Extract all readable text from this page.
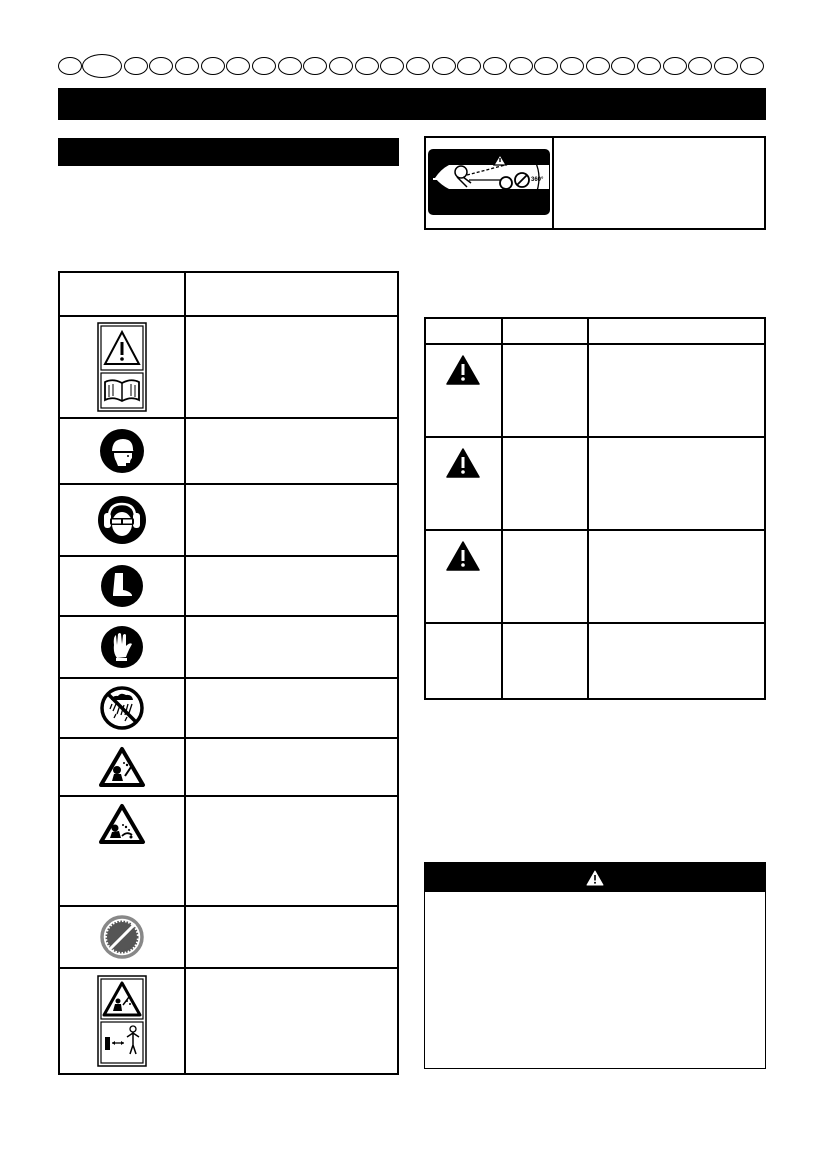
360°
15m
